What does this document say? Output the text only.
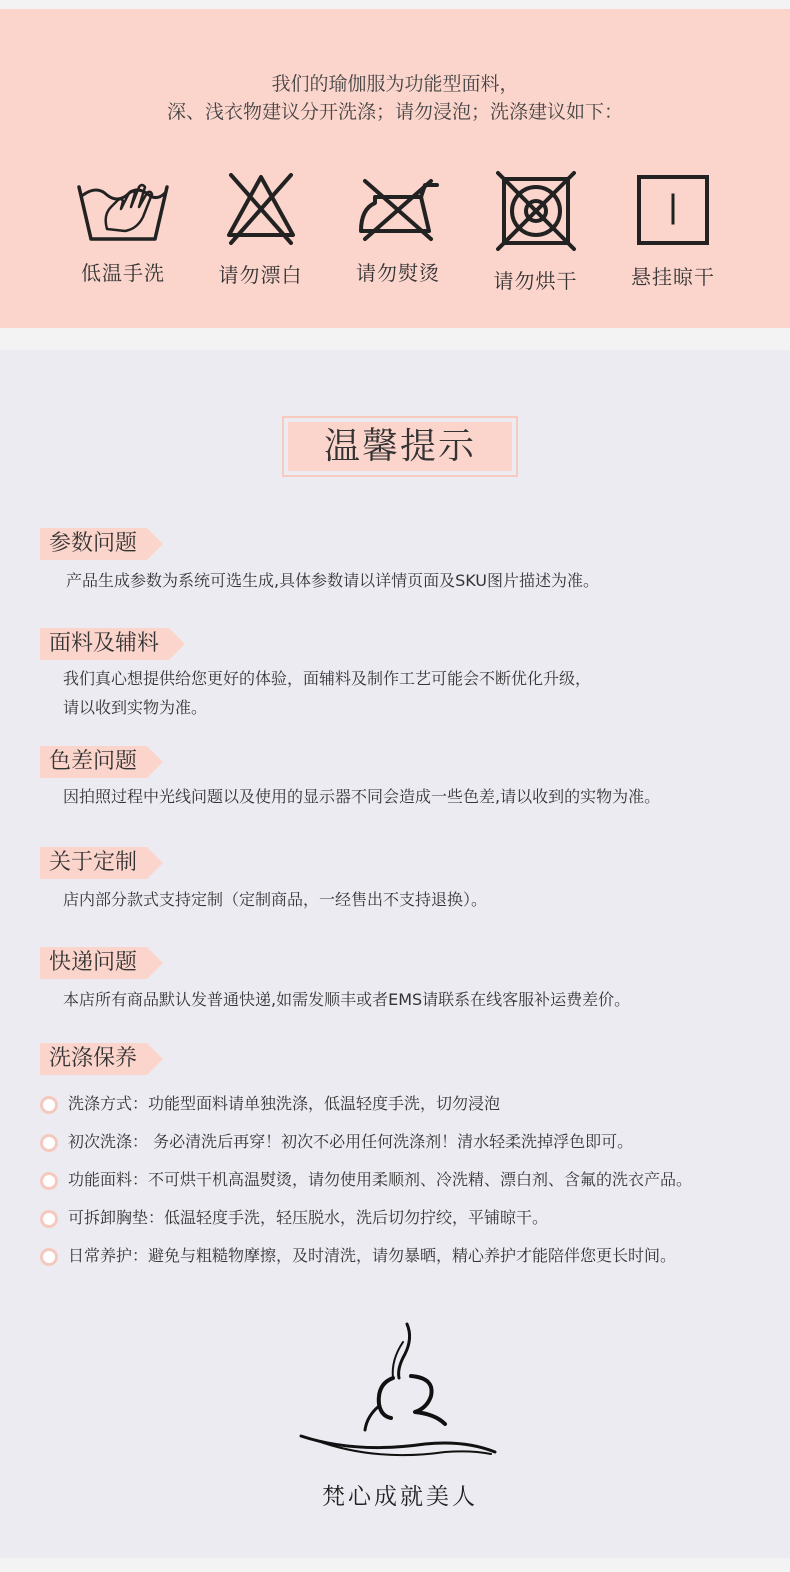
我们的瑜伽服为功能型面料，
深、浅衣物建议分开洗涤；请勿浸泡；洗涤建议如下：
低温手洗	请勿漂白	请勿熨烫	请勿烘干	悬挂晾干
温馨提示
参数问题
产品生成参数为系统可选生成,具体参数请以详情页面及SKU图片描述为准。
面料及辅料
我们真心想提供给您更好的体验，面辅料及制作工艺可能会不断优化升级，
请以收到实物为准。
色差问题
因拍照过程中光线问题以及使用的显示器不同会造成一些色差,请以收到的实物为准。
关于定制
店内部分款式支持定制（定制商品，一经售出不支持退换）。
快递问题
本店所有商品默认发普通快递,如需发顺丰或者EMS请联系在线客服补运费差价。
洗涤保养
洗涤方式：功能型面料请单独洗涤，低温轻度手洗，切勿浸泡
初次洗涤： 务必清洗后再穿！初次不必用任何洗涤剂！清水轻柔洗掉浮色即可。
功能面料：不可烘干机高温熨烫，请勿使用柔顺剂、冷洗精、漂白剂、含氟的洗衣产品。
可拆卸胸垫：低温轻度手洗，轻压脱水，洗后切勿拧绞，平铺晾干。
日常养护：避免与粗糙物摩擦，及时清洗，请勿暴晒，精心养护才能陪伴您更长时间。
梵心成就美人
